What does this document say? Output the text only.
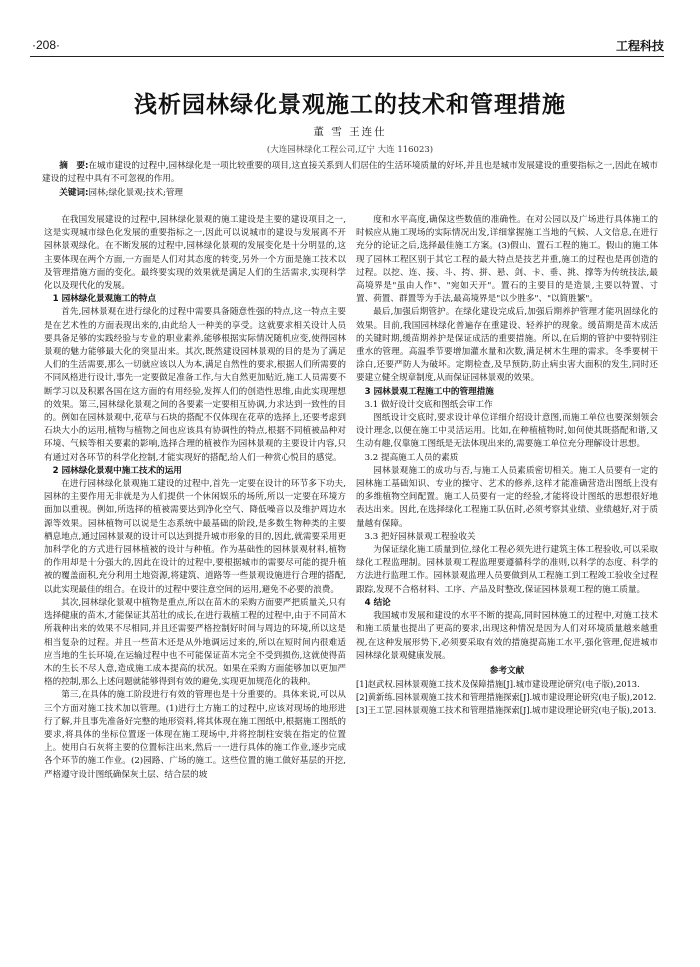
·208·	工程科技
浅析园林绿化景观施工的技术和管理措施
董 雪 王连仕
(大连园林绿化工程公司,辽宁 大连 116023)
摘　要:在城市建设的过程中,园林绿化是一项比较重要的项目,这直接关系到人们居住的生活环境质量的好坏,并且也是城市发展建设的重要指标之一,因此在城市建设的过程中具有不可忽视的作用。
关键词:园林;绿化景观;技术;管理

在我国发展建设的过程中,园林绿化景观的施工建设是主要的建设项目之一,这是实现城市绿色化发展的重要指标之一,因此可以说城市的建设与发展离不开园林景观绿化。在不断发展的过程中,园林绿化景观的发展变化是十分明显的,这主要体现在两个方面,一方面是人们对其态度的转变,另外一个方面是施工技术以及管理措施方面的变化。最终要实现的效果就是满足人们的生活需求,实现科学化以及现代化的发展。

1 园林绿化景观施工的特点

首先,园林景观在进行绿化的过程中需要具备随意性强的特点,这一特点主要是在艺术性的方面表现出来的,由此给人一种美的享受。这就要求相关设计人员要具备足够的实践经验与专业的职业素养,能够根据实际情况随机应变,使得园林景观的魅力能够最大化的突显出来。其次,既然建设园林景观的目的是为了满足人们的生活需要,那么一切就应该以人为本,满足自然性的要求,根据人们所需要的不同风格进行设计,事先一定要做足准备工作,与大自然更加贴近,施工人员需要不断学习以及积累各国在这方面的有用经验,发挥人们的创造性思维,由此实现理想的效果。第三,园林绿化景观之间的各要素一定要相互协调,力求达到一致性的目的。例如在园林景观中,花草与石块的搭配不仅体现在花草的选择上,还要考虑到石块大小的运用,植物与植物之间也应该具有协调性的特点,根据不同植被品种对环境、气候等相关要素的影响,选择合理的植被作为园林景观的主要设计内容,只有通过对各环节的科学化控制,才能实现好的搭配,给人们一种赏心悦目的感觉。

2 园林绿化景观中施工技术的运用

在进行园林绿化景观施工建设的过程中,首先一定要在设计的环节多下功夫,园林的主要作用无非就是为人们提供一个休闲娱乐的场所,所以一定要在环境方面加以重视。例如,所选择的植被需要达到净化空气、降低噪音以及维护周边水源等效果。园林植物可以说是生态系统中最基础的阶段,是多数生物种类的主要栖息地点,通过园林景观的设计可以达到提升城市形象的目的,因此,就需要采用更加科学化的方式进行园林植被的设计与种植。作为基础性的园林景观材料,植物的作用却是十分强大的,因此在设计的过程中,要根据城市的需要尽可能的提升植被的覆盖面积,充分利用土地资源,将建筑、道路等一些景观设施进行合理的搭配,以此实现最佳的组合。在设计的过程中要注意空间的运用,避免不必要的浪费。

其次,园林绿化景观中植物是重点,所以在苗木的采购方面要严把质量关,只有选择健康的苗木,才能保证其茁壮的成长,在进行栽植工程的过程中,由于不同苗木所栽种出来的效果不尽相同,并且还需要严格控制好时间与周边的环境,所以这是相当复杂的过程。并且一些苗木还是从外地调运过来的,所以在短时间内很难适应当地的生长环境,在运输过程中也不可能保证苗木完全不受到损伤,这就使得苗木的生长不尽人意,造成施工成本提高的状况。如果在采购方面能够加以更加严格的控制,那么上述问题就能够得到有效的避免,实现更加规范化的栽种。

第三,在具体的施工阶段进行有效的管理也是十分重要的。具体来说,可以从三个方面对施工技术加以管理。(1)进行土方施工的过程中,应该对现场的地形进行了解,并且事先准备好完整的地形资料,将其体现在施工图纸中,根据施工图纸的要求,将具体的坐标位置逐一体现在施工现场中,并将控制柱安装在指定的位置上。使用白石灰将主要的位置标注出来,然后一一进行具体的施工作业,逐步完成各个环节的施工作业。(2)园路、广场的施工。这些位置的施工做好基层的开挖,严格遵守设计图纸确保灰土层、结合层的坡

度和水平高度,确保这些数值的准确性。在对公园以及广场进行具体施工的时候应从施工现场的实际情况出发,详细掌握施工当地的气候、人文信息,在进行充分的论证之后,选择最佳施工方案。(3)假山、置石工程的施工。假山的施工体现了园林工程区别于其它工程的最大特点是技艺并重,施工的过程也是再创造的过程。以挖、连、接、斗、挎、拼、悬、剑、卡、垂、挑、撑等为传统技法,最高境界是"虽由人作"、"宛如天开"。置石的主要目的是造景,主要以特置、寸置、荷置、群置等为手法,最高境界是"以少胜多"、"以简胜繁"。

最后,加强后期管护。在绿化建设完成后,加强后期养护管理才能巩固绿化的效果。目前,我国园林绿化普遍存在重建设、轻养护的现象。缓苗期是苗木成活的关键时期,缓苗期养护是保证成活的重要措施。所以,在后期的管护中要特别注重水的管理。高温季节要增加灌水量和次数,满足树木生理的需求。冬季要树干涂白,还要严防人为破坏。定期检查,及早预防,防止病虫害大面积的发生,同时还要建立健全规章制度,从而保证园林景观的效果。

3 园林景观工程施工中的管理措施
3.1 做好设计交底和图纸会审工作

图纸设计交底时,要求设计单位详细介绍设计意图,而施工单位也要深刻领会设计理念,以便在施工中灵活运用。比如,在种植植物时,如何使其既搭配和谐,又生动有趣,仅靠施工图纸是无法体现出来的,需要施工单位充分理解设计思想。

3.2 提高施工人员的素质

园林景观施工的成功与否,与施工人员素质密切相关。施工人员要有一定的园林施工基础知识、专业的操守、艺术的修养,这样才能准确营造出图纸上没有的多维植物空间配置。施工人员要有一定的经验,才能将设计图纸的思想很好地表达出来。因此,在选择绿化工程施工队伍时,必须考察其业绩、业绩越好,对于质量越有保障。

3.3 把好园林景观工程验收关

为保证绿化施工质量到位,绿化工程必须先进行建筑主体工程验收,可以采取绿化工程监理制。园林景观工程监理要遵循科学的准则,以科学的态度、科学的方法进行监理工作。园林景观监理人员要做到从工程施工到工程竣工验收全过程跟踪,发现不合格材料、工序、产品及时整改,保证园林景观工程的施工质量。

4 结论

我国城市发展和建设的水平不断的提高,同时园林施工的过程中,对施工技术和施工质量也提出了更高的要求,出现这种情况是因为人们对环境质量越来越重视,在这种发展形势下,必须要采取有效的措施提高施工水平,强化管理,促进城市园林绿化景观健康发展。

参考文献

[1]赵武权.园林景观施工技术及保障措施[J].城市建设理论研究(电子版),2013.

[2]黄新练.园林景观施工技术和管理措施探索[J].城市建设理论研究(电子版),2012.

[3]王工罡.园林景观施工技术和管理措施探索[J].城市建设理论研究(电子版),2013.
